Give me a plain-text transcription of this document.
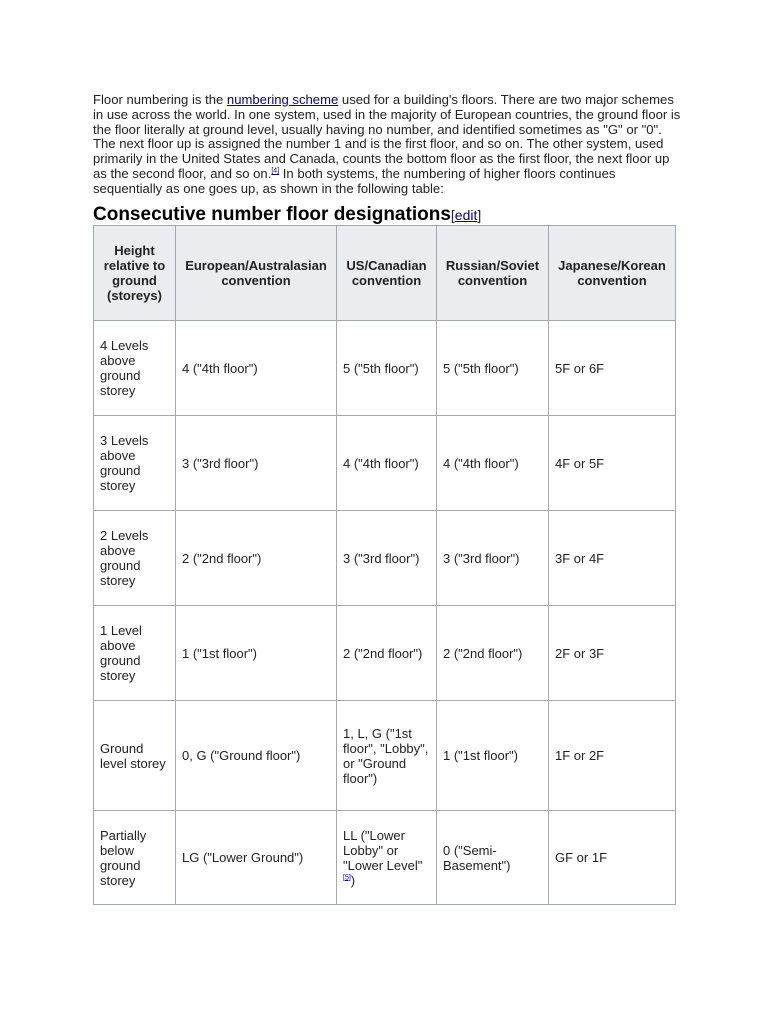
Floor numbering is the numbering scheme used for a building's floors. There are two major schemes in use across the world. In one system, used in the majority of European countries, the ground floor is the floor literally at ground level, usually having no number, and identified sometimes as "G" or "0". The next floor up is assigned the number 1 and is the first floor, and so on. The other system, used primarily in the United States and Canada, counts the bottom floor as the first floor, the next floor up as the second floor, and so on.[4] In both systems, the numbering of higher floors continues sequentially as one goes up, as shown in the following table:

Consecutive number floor designations[edit]
Height relative to ground (storeys)	European/Australasian convention	US/Canadian convention	Russian/Soviet convention	Japanese/Korean convention
4 Levels above ground storey	4 ("4th floor")	5 ("5th floor")	5 ("5th floor")	5F or 6F
3 Levels above ground storey	3 ("3rd floor")	4 ("4th floor")	4 ("4th floor")	4F or 5F
2 Levels above ground storey	2 ("2nd floor")	3 ("3rd floor")	3 ("3rd floor")	3F or 4F
1 Level above ground storey	1 ("1st floor")	2 ("2nd floor")	2 ("2nd floor")	2F or 3F
Ground level storey	0, G ("Ground floor")	1, L, G ("1st floor", "Lobby", or "Ground floor")	1 ("1st floor")	1F or 2F
Partially below ground storey	LG ("Lower Ground")	LL ("Lower Lobby" or "Lower Level"[5])	0 ("Semi-Basement")	GF or 1F
